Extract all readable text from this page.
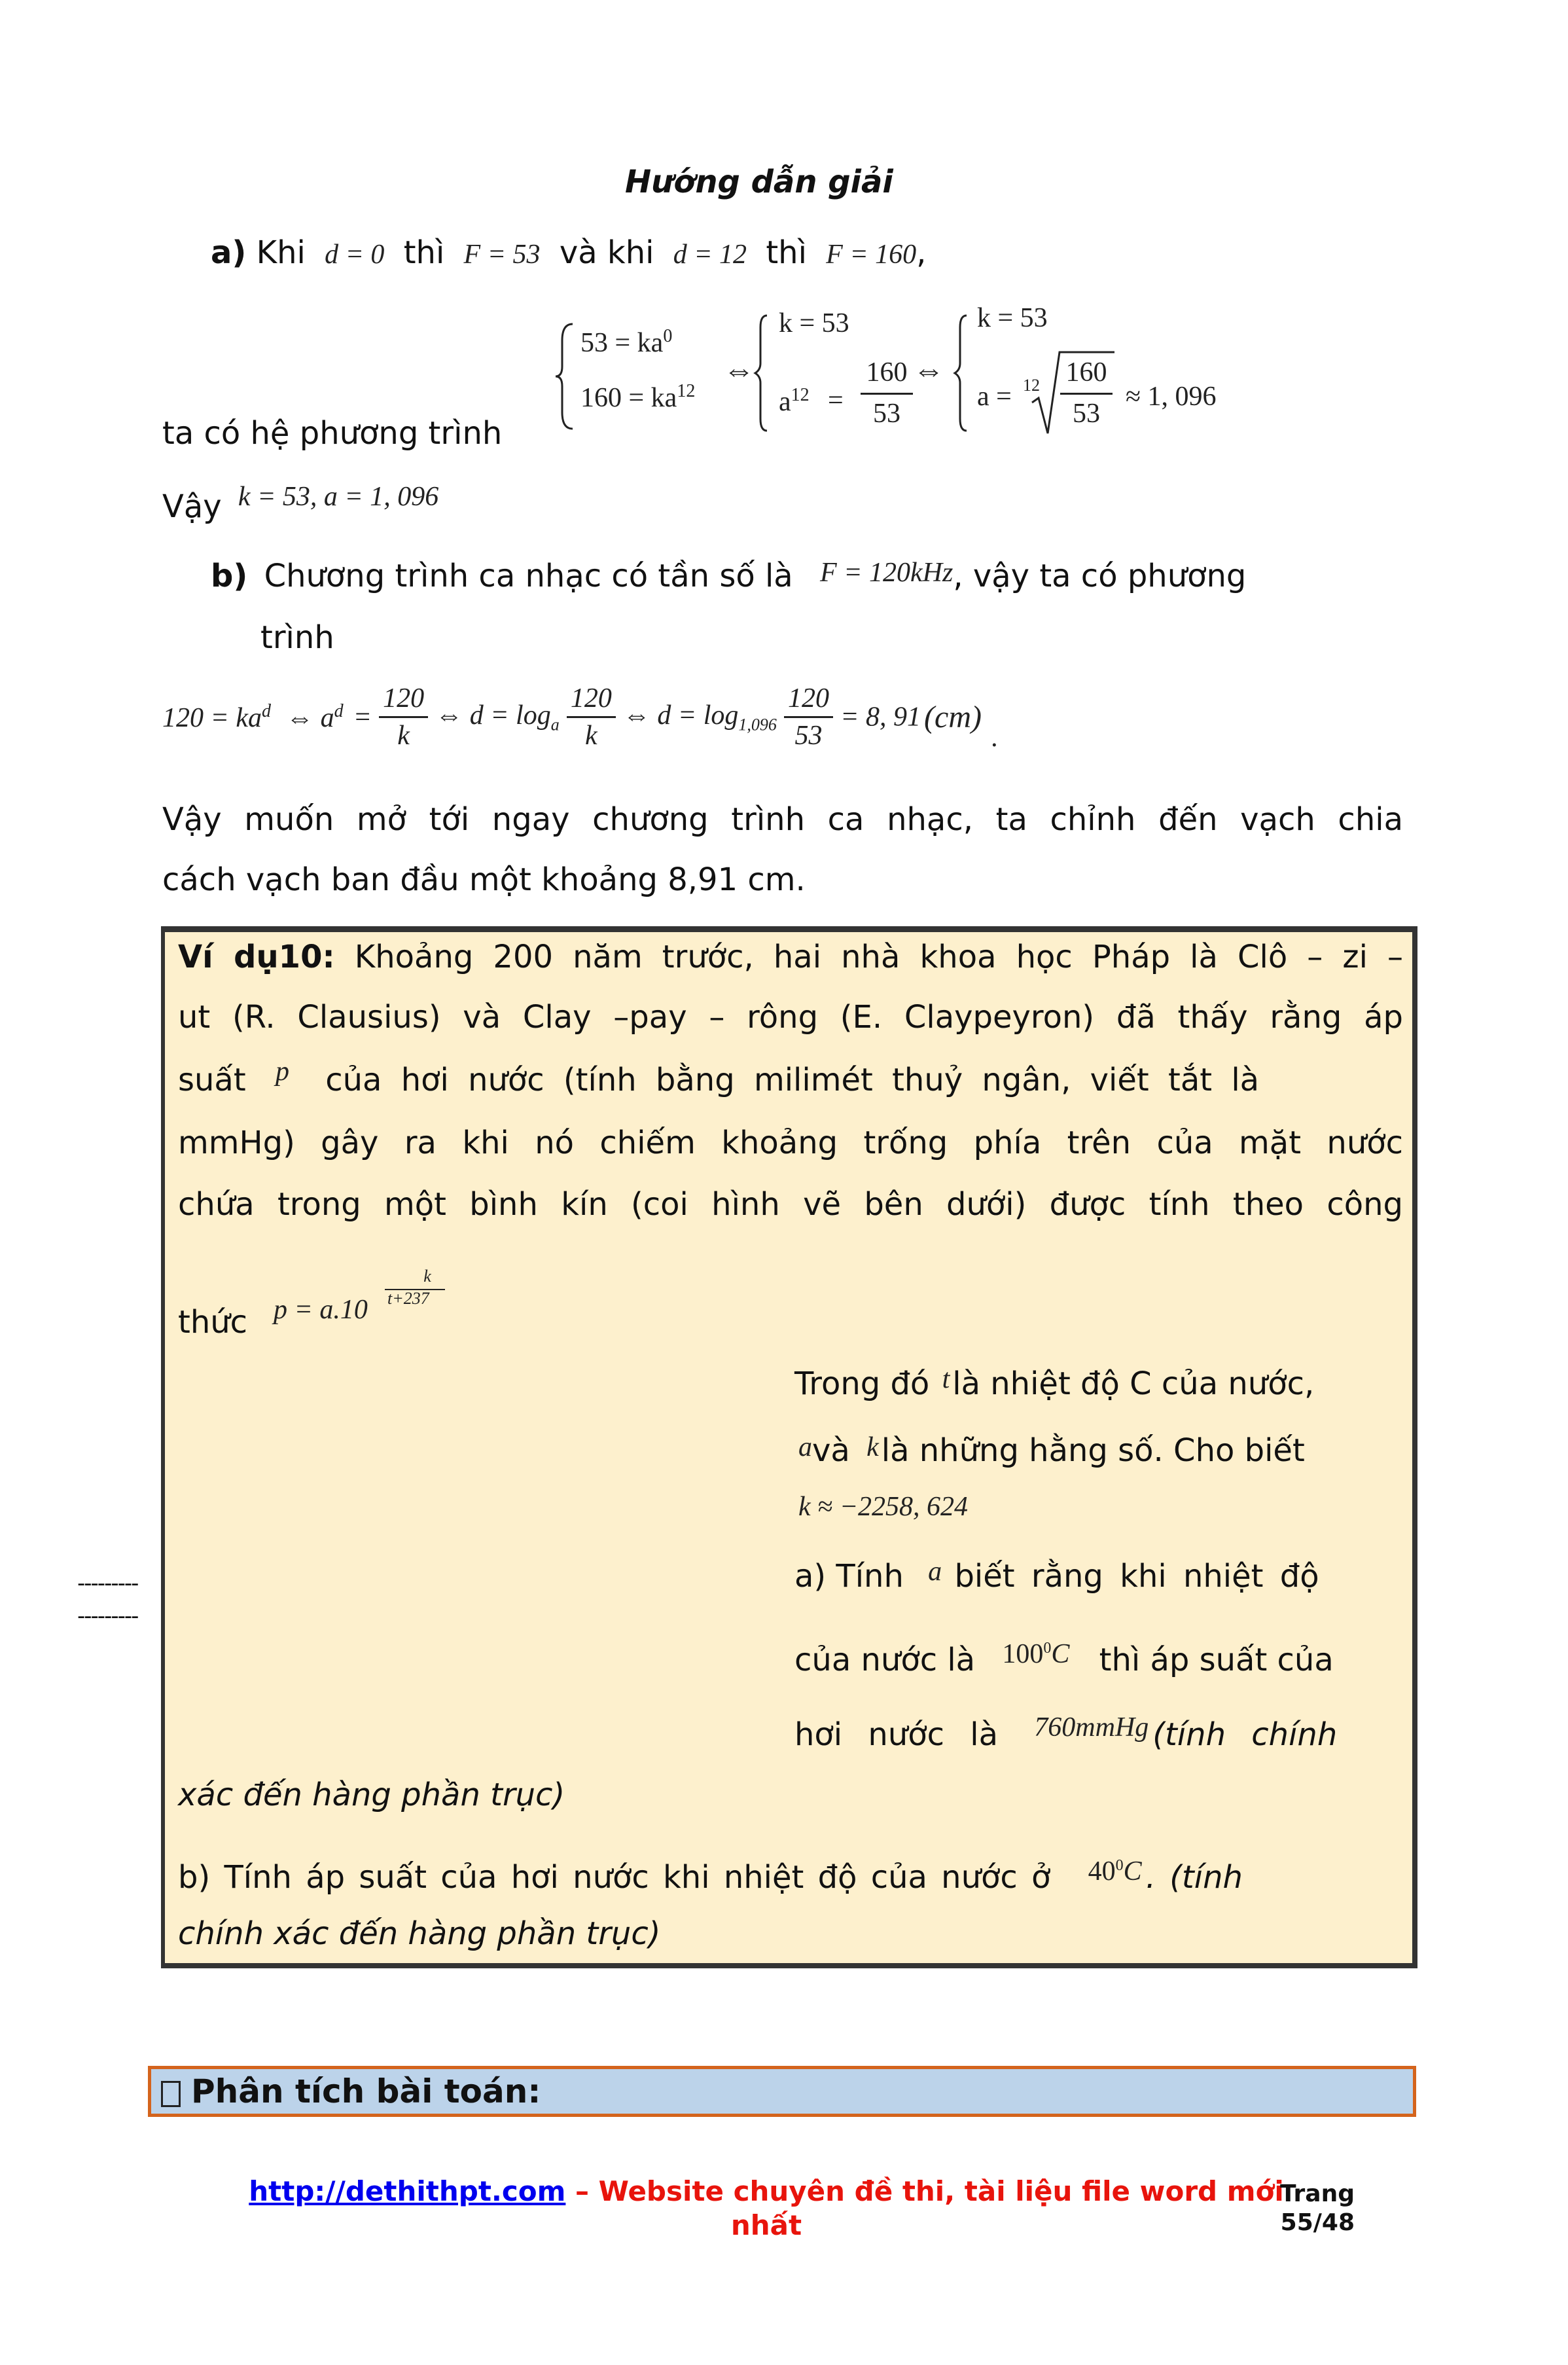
Hướng dẫn giải
a) Khi d = 0 thì F = 53 và khi d = 12 thì F = 160,
$53 = ka^0$
$160 = ka^{12}$
⇔
k = 53
$a^{12}$ =
160
53
⇔
k = 53
a = 12 160
53
≈ 1, 096
ta có hệ phương trình
Vậy k = 53, a = 1, 096
b) Chương trình ca nhạc có tần số là F = 120kHz, vậy ta có phương
trình
$120 = ka^d$ ⇔ $a^d = \frac{120}{k}$ ⇔ $d = \log_a \frac{120}{k}$ ⇔ $d = \log_{1,096} \frac{120}{53} = 8$, 91 (cm) .
Vậy muốn mở tới ngay chương trình ca nhạc, ta chỉnh đến vạch chia
cách vạch ban đầu một khoảng 8,91 cm.
Ví dụ10: Khoảng 200 năm trước, hai nhà khoa học Pháp là Clô – zi –
ut (R. Clausius) và Clay –pay – rông (E. Claypeyron) đã thấy rằng áp
suất p của hơi nước (tính bằng milimét thuỷ ngân, viết tắt là
mmHg) gây ra khi nó chiếm khoảng trống phía trên của mặt nước
chứa trong một bình kín (coi hình vẽ bên dưới) được tính theo công
thức p = a.10
k
t+237
Trong đó tlà nhiệt độ C của nước,
avà klà những hằng số. Cho biết
k ≈ −2258, 624
a) Tính a biết rằng khi nhiệt độ
của nước là $100^0C$ thì áp suất của
hơi nước là 760mmHg (tính chính
xác đến hàng phần trục)
b) Tính áp suất của hơi nước khi nhiệt độ của nước ở $40^0C$ . (tính
chính xác đến hàng phần trục)
---------
---------
Phân tích bài toán:
http://dethithpt.com – Website chuyên đề thi, tài liệu file word mới
nhất
Trang
55/48
